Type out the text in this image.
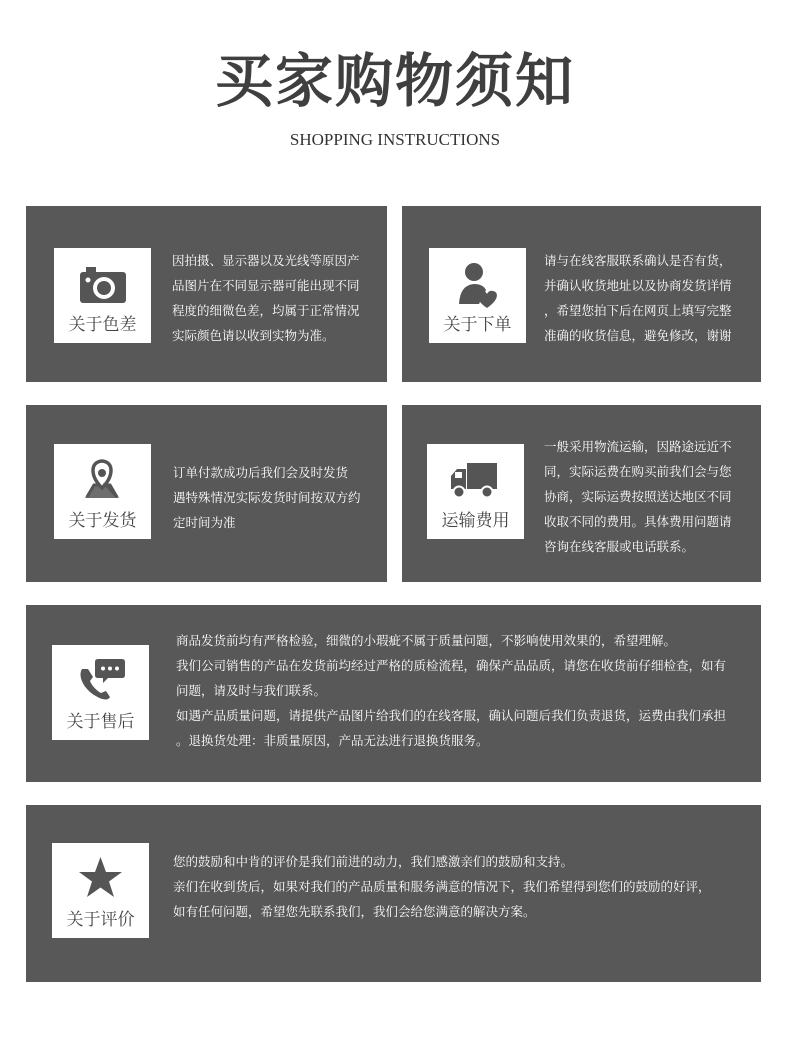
买家购物须知
SHOPPING INSTRUCTIONS
关于色差
因拍摄、显示器以及光线等原因产
品图片在不同显示器可能出现不同
程度的细微色差，均属于正常情况
实际颜色请以收到实物为准。
关于下单
请与在线客服联系确认是否有货，
并确认收货地址以及协商发货详情
，希望您拍下后在网页上填写完整
准确的收货信息，避免修改，谢谢
关于发货
订单付款成功后我们会及时发货
遇特殊情况实际发货时间按双方约
定时间为准	运输费用
一般采用物流运输，因路途远近不
同，实际运费在购买前我们会与您
协商，实际运费按照送达地区不同
收取不同的费用。具体费用问题请
咨询在线客服或电话联系。
关于售后
商品发货前均有严格检验，细微的小瑕疵不属于质量问题，不影响使用效果的，希望理解。
我们公司销售的产品在发货前均经过严格的质检流程，确保产品品质，请您在收货前仔细检查，如有
问题，请及时与我们联系。
如遇产品质量问题，请提供产品图片给我们的在线客服，确认问题后我们负责退货，运费由我们承担
。退换货处理：非质量原因，产品无法进行退换货服务。
关于评价
您的鼓励和中肯的评价是我们前进的动力，我们感激亲们的鼓励和支持。
亲们在收到货后，如果对我们的产品质量和服务满意的情况下，我们希望得到您们的鼓励的好评，
如有任何问题，希望您先联系我们，我们会给您满意的解决方案。
